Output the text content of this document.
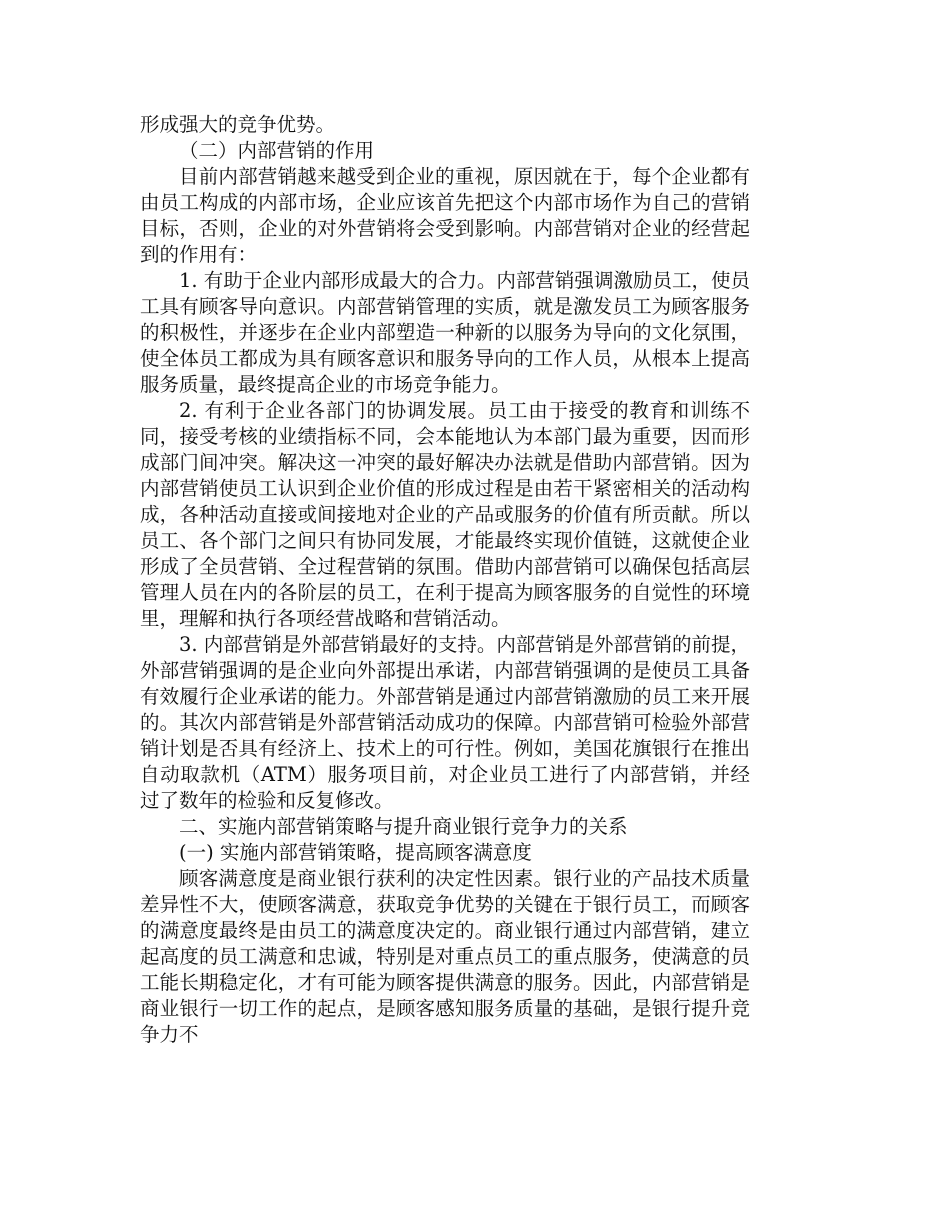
形成强大的竞争优势。

（二）内部营销的作用

目前内部营销越来越受到企业的重视，原因就在于，每个企业都有由员工构成的内部市场，企业应该首先把这个内部市场作为自己的营销目标，否则，企业的对外营销将会受到影响。内部营销对企业的经营起到的作用有：

1. 有助于企业内部形成最大的合力。内部营销强调激励员工，使员工具有顾客导向意识。内部营销管理的实质，就是激发员工为顾客服务的积极性，并逐步在企业内部塑造一种新的以服务为导向的文化氛围，使全体员工都成为具有顾客意识和服务导向的工作人员，从根本上提高服务质量，最终提高企业的市场竞争能力。

2. 有利于企业各部门的协调发展。员工由于接受的教育和训练不同，接受考核的业绩指标不同，会本能地认为本部门最为重要，因而形成部门间冲突。解决这一冲突的最好解决办法就是借助内部营销。因为内部营销使员工认识到企业价值的形成过程是由若干紧密相关的活动构成，各种活动直接或间接地对企业的产品或服务的价值有所贡献。所以员工、各个部门之间只有协同发展，才能最终实现价值链，这就使企业形成了全员营销、全过程营销的氛围。借助内部营销可以确保包括高层管理人员在内的各阶层的员工，在利于提高为顾客服务的自觉性的环境里，理解和执行各项经营战略和营销活动。

3. 内部营销是外部营销最好的支持。内部营销是外部营销的前提，外部营销强调的是企业向外部提出承诺，内部营销强调的是使员工具备有效履行企业承诺的能力。外部营销是通过内部营销激励的员工来开展的。其次内部营销是外部营销活动成功的保障。内部营销可检验外部营销计划是否具有经济上、技术上的可行性。例如，美国花旗银行在推出自动取款机（ATM）服务项目前，对企业员工进行了内部营销，并经过了数年的检验和反复修改。

二、实施内部营销策略与提升商业银行竞争力的关系

(一) 实施内部营销策略，提高顾客满意度

顾客满意度是商业银行获利的决定性因素。银行业的产品技术质量差异性不大，使顾客满意，获取竞争优势的关键在于银行员工，而顾客的满意度最终是由员工的满意度决定的。商业银行通过内部营销，建立起高度的员工满意和忠诚，特别是对重点员工的重点服务，使满意的员工能长期稳定化，才有可能为顾客提供满意的服务。因此，内部营销是商业银行一切工作的起点，是顾客感知服务质量的基础，是银行提升竞争力不
